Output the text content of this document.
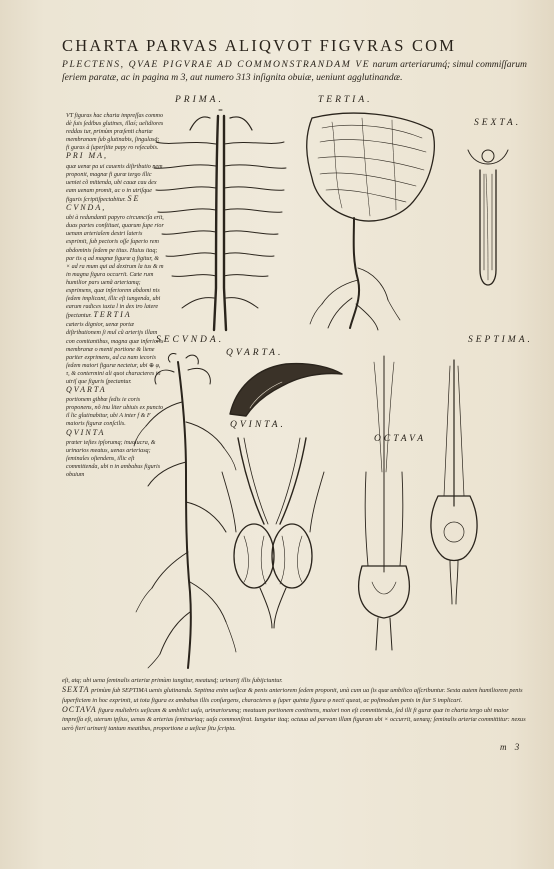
CHARTA PARVAS ALIQVOT FIGVRAS COM
PLECTENS, QVAE PIGVRAE AD COMMONSTRANDAM VE narum arteriarumq́; simul commiſſarum ſeriem paratæ, ac in pagina m 3, aut numero 313 inſignita obuiæ, ueniunt agglutinandæ.

VT figuras hac charta impreſſas commo dè ſuis ſedibus glutines, illaś; uelidiores reddas tur, primùm præſenti chartæ membranam ſub glutinabis, ſingulasq́; fi guras à ſuperſtite papy ro reſecabis. PRI MA,

quæ uenæ pa ui cauenis diſtributio nem proponit, magnæ fi guræ tergo illic ueniet cõ mittenda, ubi cauæ cau dex eam uenam promit, ac o in utriſque figuris ſcriptiſpectabitur. SE CVNDA,

ubi à redundanti papyro circumciſa erit, duas partes conſtituet, quarum ſupe rior uenam arterialem dextri lateris exprimit, ſub pectoris oſſe ſuperio rem abdominis ſedem pe titus. Huius itaq; par tis q ad magnæ figuræ q figitur, & × ad ra mum qui ad dextrum la tus & m in magna figura occurrit. Cæte rum humilior pars uenã arteriamq; exprimens, quæ inferiorem abdomi nis ſedem implicant, illic eſt iungenda, ubi earum radices iuxta l in dex tro latere ſpectantur. TERTIA

cæteris dignior, uenæ portæ diſtributionem ſi mul cũ arterijs illam con comitantibus, magna quæ inferioris membranæ o menti portione & liene pariter exprimens, ad ca nam iecoris ſedem maiori figuræ nectetur, ubi ⊕ φ, τ, & contermini ali quot characteres in utriſ que figuris ſpectantur. QVARTA

portionem gibbæ ſedis ie coris proponens, nõ inu liter ubiuis ex puncto il lic glutinabitur, ubi A inter f & F maioris figuræ conſcilis. QVINTA

præter teſtes ipſorumq; inuolucra, & urinarios meatus, uenas arteriasq; ſeminales oſtendens, illic eſt committenda, ubi n in ambabus figuris obuium

PRIMA.	TERTIA.
SEXTA.
SECVNDA.
QVARTA.
SEPTIMA.
QVINTA.
OCTAVA

eſt, atq; ubi uena ſeminalis arteriæ primùm iungitur, meatusq́; urinarij illis ſubijciuntur.

SEXTA primùm ſub SEPTIMA uenis glutinanda. Septima enim ueſicæ & penis anteriorem ſedem proponit, unà cum ua ſis quæ umbilico aſſcribuntur. Sexta autem humiliorem penis ſuperficiem in hoc exprimit, ut tota figura ex ambabus illis conſurgens, characteres φ ſuper quinta figura φ necti queat, ac poſtmodum penis in ſtar S implicari.

OCTAVA figura muliebris ueſicam & umbilici uaſa, urinariorumq; meatuum portionem continens, maiori non eſt committenda, ſed illi fi guræ quæ in charta tergo ubi maior impreſſa eſt, uterum ipſius, uenas & arterias ſeminariaq; uaſa commonſtrat. Iungetur itaq; octaua ad parvam illam figuram ubi × occurrit, uenæq; ſeminalis arteriæ committitur: nexus uerò fieri urinarij tantum meatibus, proportione a ueſicæ ſitu ſcripta.

m 3
